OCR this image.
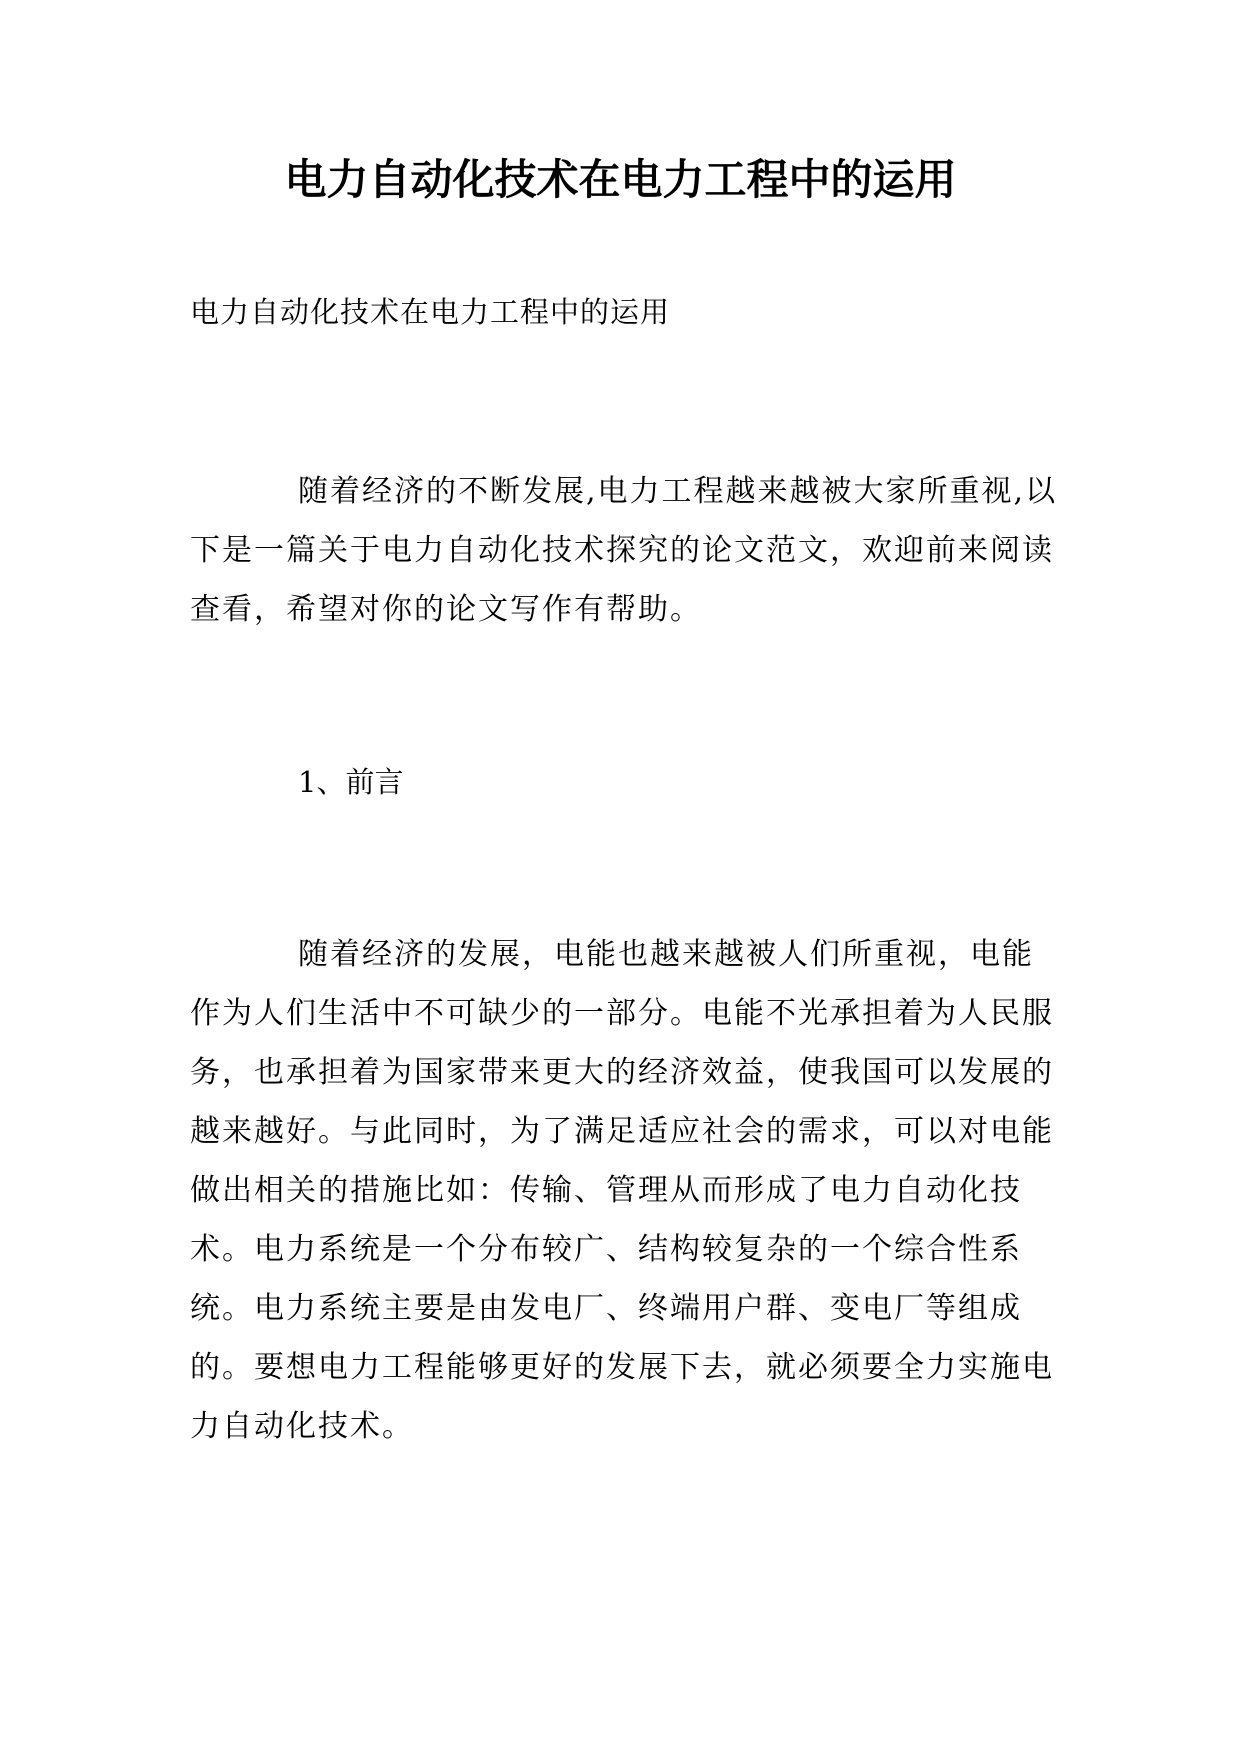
电力自动化技术在电力工程中的运用

电力自动化技术在电力工程中的运用

随着经济的不断发展,电力工程越来越被大家所重视,以下是一篇关于电力自动化技术探究的论文范文，欢迎前来阅读查看，希望对你的论文写作有帮助。

1、前言

随着经济的发展，电能也越来越被人们所重视，电能作为人们生活中不可缺少的一部分。电能不光承担着为人民服务，也承担着为国家带来更大的经济效益，使我国可以发展的越来越好。与此同时，为了满足适应社会的需求，可以对电能做出相关的措施比如：传输、管理从而形成了电力自动化技术。电力系统是一个分布较广、结构较复杂的一个综合性系统。电力系统主要是由发电厂、终端用户群、变电厂等组成的。要想电力工程能够更好的发展下去，就必须要全力实施电力自动化技术。
